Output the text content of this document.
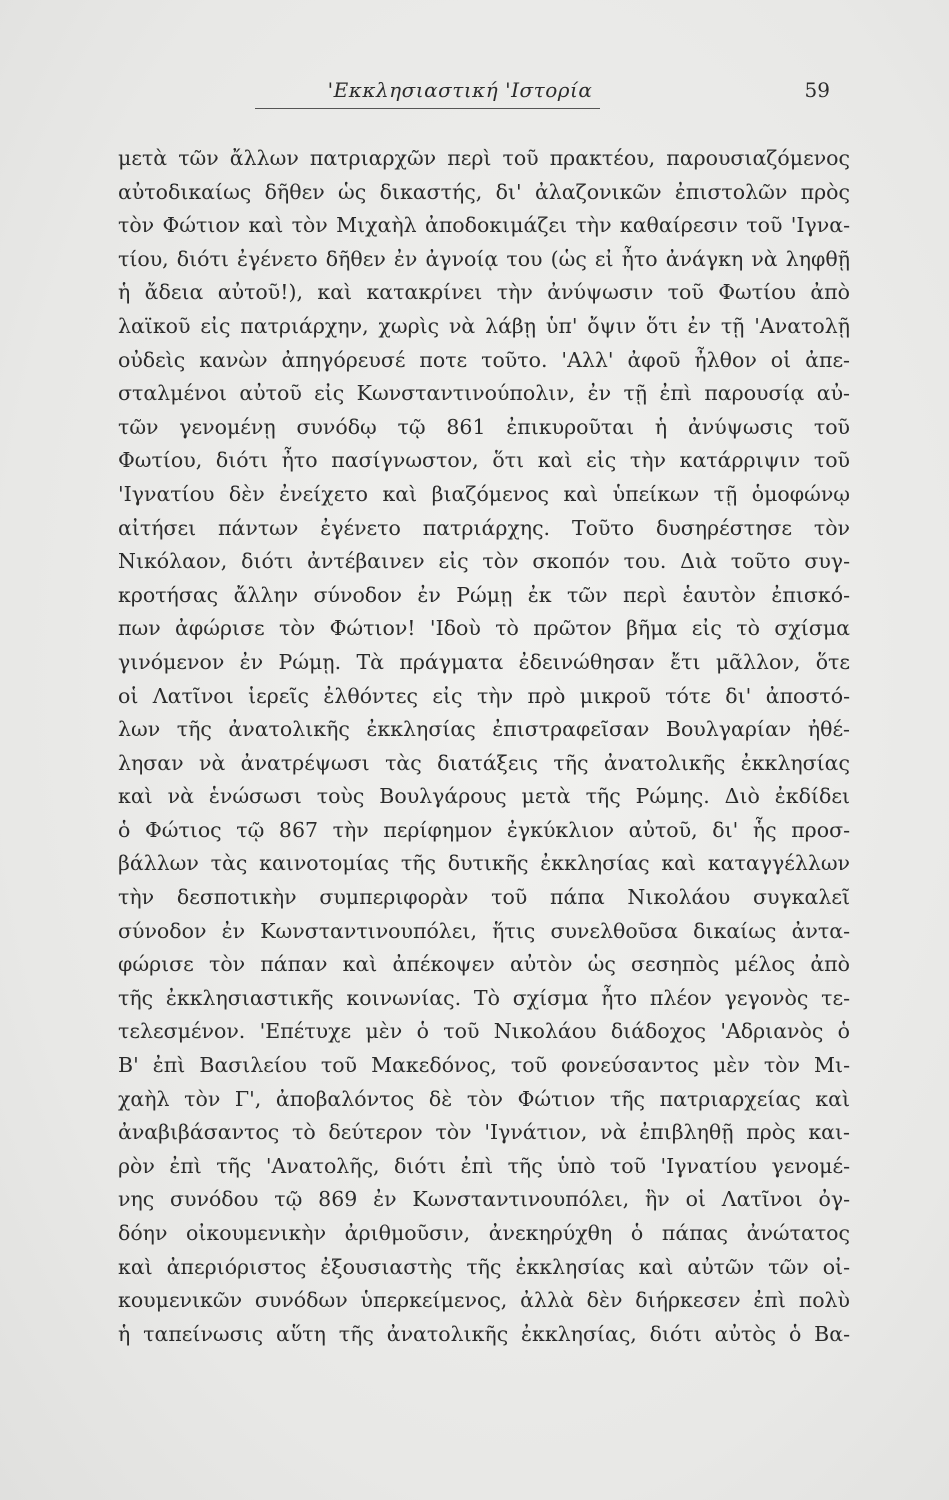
'Εκκλησιαστική 'Ιστορία	59
μετὰ τῶν ἄλλων πατριαρχῶν περὶ τοῦ πρακτέου, παρουσιαζόμενος
αὐτοδικαίως δῆθεν ὡς δικαστής, δι' ἀλαζονικῶν ἐπιστολῶν πρὸς
τὸν Φώτιον καὶ τὸν Μιχαὴλ ἀποδοκιμάζει τὴν καθαίρεσιν τοῦ 'Ιγνα-
τίου, διότι ἐγένετο δῆθεν ἐν ἀγνοίᾳ του (ὡς εἰ ἦτο ἀνάγκη νὰ ληφθῇ
ἡ ἄδεια αὐτοῦ!), καὶ κατακρίνει τὴν ἀνύψωσιν τοῦ Φωτίου ἀπὸ
λαϊκοῦ εἰς πατριάρχην, χωρὶς νὰ λάβῃ ὑπ' ὄψιν ὅτι ἐν τῇ 'Ανατολῇ
οὐδεὶς κανὼν ἀπηγόρευσέ ποτε τοῦτο. 'Αλλ' ἀφοῦ ἦλθον οἱ ἀπε-
σταλμένοι αὐτοῦ εἰς Κωνσταντινούπολιν, ἐν τῇ ἐπὶ παρουσίᾳ αὐ-
τῶν γενομένῃ συνόδῳ τῷ 861 ἐπικυροῦται ἡ ἀνύψωσις τοῦ
Φωτίου, διότι ἦτο πασίγνωστον, ὅτι καὶ εἰς τὴν κατάρριψιν τοῦ
'Ιγνατίου δὲν ἐνείχετο καὶ βιαζόμενος καὶ ὑπείκων τῇ ὁμοφώνῳ
αἰτήσει πάντων ἐγένετο πατριάρχης. Τοῦτο δυσηρέστησε τὸν
Νικόλαον, διότι ἀντέβαινεν εἰς τὸν σκοπόν του. Διὰ τοῦτο συγ-
κροτήσας ἄλλην σύνοδον ἐν Ρώμῃ ἐκ τῶν περὶ ἑαυτὸν ἐπισκό-
πων ἀφώρισε τὸν Φώτιον! 'Ιδοὺ τὸ πρῶτον βῆμα εἰς τὸ σχίσμα
γινόμενον ἐν Ρώμῃ. Τὰ πράγματα ἐδεινώθησαν ἔτι μᾶλλον, ὅτε
οἱ Λατῖνοι ἱερεῖς ἐλθόντες εἰς τὴν πρὸ μικροῦ τότε δι' ἀποστό-
λων τῆς ἀνατολικῆς ἐκκλησίας ἐπιστραφεῖσαν Βουλγαρίαν ἠθέ-
λησαν νὰ ἀνατρέψωσι τὰς διατάξεις τῆς ἀνατολικῆς ἐκκλησίας
καὶ νὰ ἑνώσωσι τοὺς Βουλγάρους μετὰ τῆς Ρώμης. Διὸ ἐκδίδει
ὁ Φώτιος τῷ 867 τὴν περίφημον ἐγκύκλιον αὐτοῦ, δι' ἧς προσ-
βάλλων τὰς καινοτομίας τῆς δυτικῆς ἐκκλησίας καὶ καταγγέλλων
τὴν δεσποτικὴν συμπεριφορὰν τοῦ πάπα Νικολάου συγκαλεῖ
σύνοδον ἐν Κωνσταντινουπόλει, ἥτις συνελθοῦσα δικαίως ἀντα-
φώρισε τὸν πάπαν καὶ ἀπέκοψεν αὐτὸν ὡς σεσηπὸς μέλος ἀπὸ
τῆς ἐκκλησιαστικῆς κοινωνίας. Τὸ σχίσμα ἦτο πλέον γεγονὸς τε-
τελεσμένον. 'Επέτυχε μὲν ὁ τοῦ Νικολάου διάδοχος 'Αδριανὸς ὁ
Β' ἐπὶ Βασιλείου τοῦ Μακεδόνος, τοῦ φονεύσαντος μὲν τὸν Μι-
χαὴλ τὸν Γ', ἀποβαλόντος δὲ τὸν Φώτιον τῆς πατριαρχείας καὶ
ἀναβιβάσαντος τὸ δεύτερον τὸν 'Ιγνάτιον, νὰ ἐπιβληθῇ πρὸς και-
ρὸν ἐπὶ τῆς 'Ανατολῆς, διότι ἐπὶ τῆς ὑπὸ τοῦ 'Ιγνατίου γενομέ-
νης συνόδου τῷ 869 ἐν Κωνσταντινουπόλει, ἣν οἱ Λατῖνοι ὀγ-
δόην οἰκουμενικὴν ἀριθμοῦσιν, ἀνεκηρύχθη ὁ πάπας ἀνώτατος
καὶ ἀπεριόριστος ἐξουσιαστὴς τῆς ἐκκλησίας καὶ αὐτῶν τῶν οἰ-
κουμενικῶν συνόδων ὑπερκείμενος, ἀλλὰ δὲν διήρκεσεν ἐπὶ πολὺ
ἡ ταπείνωσις αὕτη τῆς ἀνατολικῆς ἐκκλησίας, διότι αὐτὸς ὁ Βα-
